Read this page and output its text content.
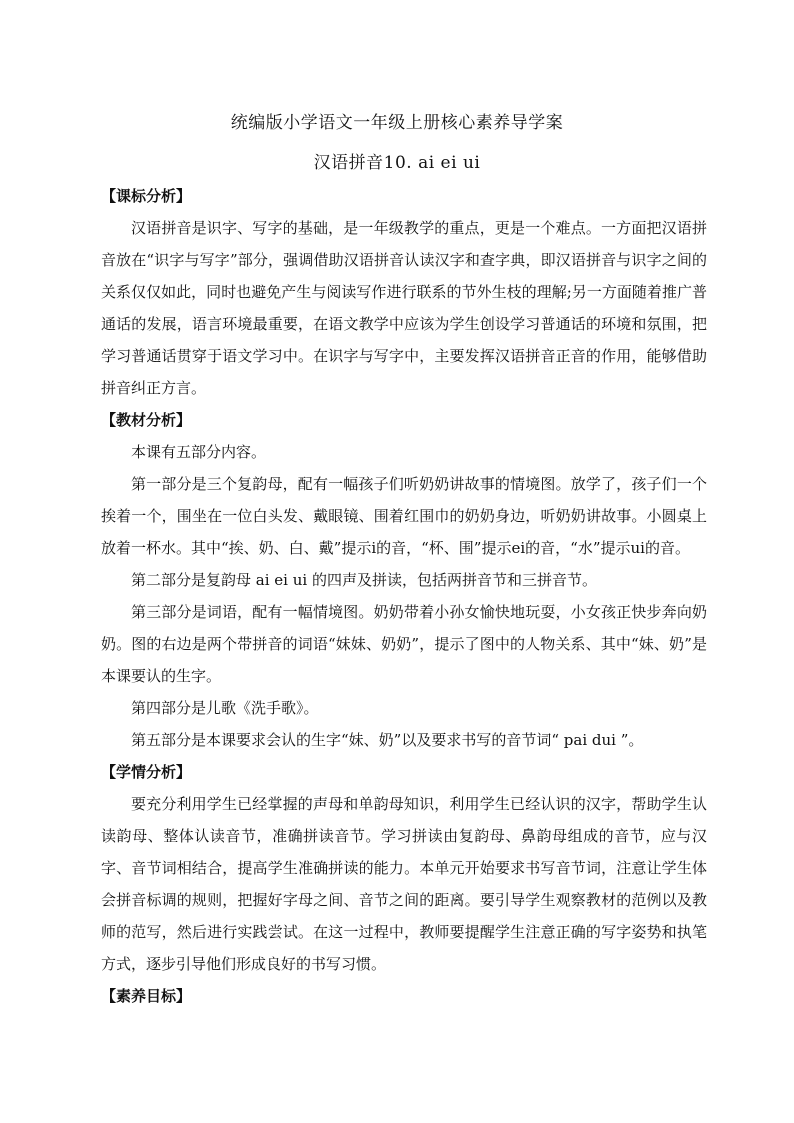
统编版小学语文一年级上册核心素养导学案
汉语拼音10. ai ei ui
【课标分析】

汉语拼音是识字、写字的基础，是一年级教学的重点，更是一个难点。一方面把汉语拼音放在“识字与写字”部分，强调借助汉语拼音认读汉字和查字典，即汉语拼音与识字之间的关系仅仅如此，同时也避免产生与阅读写作进行联系的节外生枝的理解;另一方面随着推广普通话的发展，语言环境最重要，在语文教学中应该为学生创设学习普通话的环境和氛围，把学习普通话贯穿于语文学习中。在识字与写字中，主要发挥汉语拼音正音的作用，能够借助拼音纠正方言。

【教材分析】

本课有五部分内容。

第一部分是三个复韵母，配有一幅孩子们听奶奶讲故事的情境图。放学了，孩子们一个挨着一个，围坐在一位白头发、戴眼镜、围着红围巾的奶奶身边，听奶奶讲故事。小圆桌上放着一杯水。其中“挨、奶、白、戴”提示i的音，“杯、围”提示ei的音，“水”提示ui的音。

第二部分是复韵母 ai ei ui 的四声及拼读，包括两拼音节和三拼音节。

第三部分是词语，配有一幅情境图。奶奶带着小孙女愉快地玩耍，小女孩正快步奔向奶奶。图的右边是两个带拼音的词语“妹妹、奶奶”，提示了图中的人物关系、其中“妹、奶”是本课要认的生字。

第四部分是儿歌《洗手歌》。

第五部分是本课要求会认的生字“妹、奶”以及要求书写的音节词“ pai dui ”。

【学情分析】

要充分利用学生已经掌握的声母和单韵母知识，利用学生已经认识的汉字，帮助学生认读韵母、整体认读音节，准确拼读音节。学习拼读由复韵母、鼻韵母组成的音节，应与汉字、音节词相结合，提高学生准确拼读的能力。本单元开始要求书写音节词，注意让学生体会拼音标调的规则，把握好字母之间、音节之间的距离。要引导学生观察教材的范例以及教师的范写，然后进行实践尝试。在这一过程中，教师要提醒学生注意正确的写字姿势和执笔方式，逐步引导他们形成良好的书写习惯。

【素养目标】
